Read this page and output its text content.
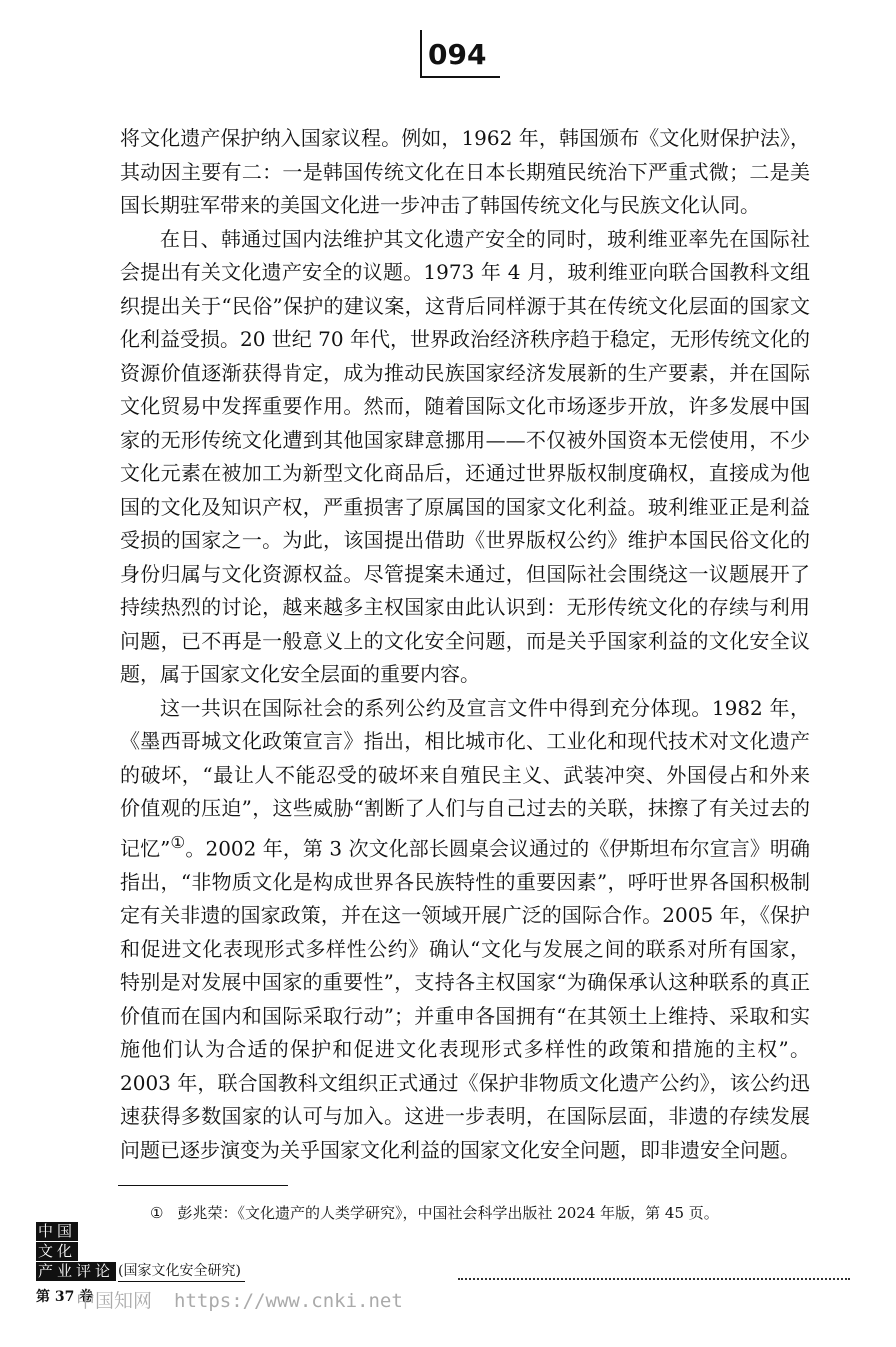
094

将文化遗产保护纳入国家议程。例如，1962 年，韩国颁布《文化财保护法》，其动因主要有二：一是韩国传统文化在日本长期殖民统治下严重式微；二是美国长期驻军带来的美国文化进一步冲击了韩国传统文化与民族文化认同。

在日、韩通过国内法维护其文化遗产安全的同时，玻利维亚率先在国际社会提出有关文化遗产安全的议题。1973 年 4 月，玻利维亚向联合国教科文组织提出关于“民俗”保护的建议案，这背后同样源于其在传统文化层面的国家文化利益受损。20 世纪 70 年代，世界政治经济秩序趋于稳定，无形传统文化的资源价值逐渐获得肯定，成为推动民族国家经济发展新的生产要素，并在国际文化贸易中发挥重要作用。然而，随着国际文化市场逐步开放，许多发展中国家的无形传统文化遭到其他国家肆意挪用——不仅被外国资本无偿使用，不少文化元素在被加工为新型文化商品后，还通过世界版权制度确权，直接成为他国的文化及知识产权，严重损害了原属国的国家文化利益。玻利维亚正是利益受损的国家之一。为此，该国提出借助《世界版权公约》维护本国民俗文化的身份归属与文化资源权益。尽管提案未通过，但国际社会围绕这一议题展开了持续热烈的讨论，越来越多主权国家由此认识到：无形传统文化的存续与利用问题，已不再是一般意义上的文化安全问题，而是关乎国家利益的文化安全议题，属于国家文化安全层面的重要内容。

这一共识在国际社会的系列公约及宣言文件中得到充分体现。1982 年，《墨西哥城文化政策宣言》指出，相比城市化、工业化和现代技术对文化遗产的破坏，“最让人不能忍受的破坏来自殖民主义、武装冲突、外国侵占和外来价值观的压迫”，这些威胁“割断了人们与自己过去的关联，抹擦了有关过去的记忆”①。2002 年，第 3 次文化部长圆桌会议通过的《伊斯坦布尔宣言》明确指出，“非物质文化是构成世界各民族特性的重要因素”，呼吁世界各国积极制定有关非遗的国家政策，并在这一领域开展广泛的国际合作。2005 年，《保护和促进文化表现形式多样性公约》确认“文化与发展之间的联系对所有国家，特别是对发展中国家的重要性”，支持各主权国家“为确保承认这种联系的真正价值而在国内和国际采取行动”；并重申各国拥有“在其领土上维持、采取和实施他们认为合适的保护和促进文化表现形式多样性的政策和措施的主权”。2003 年，联合国教科文组织正式通过《保护非物质文化遗产公约》，该公约迅速获得多数国家的认可与加入。这进一步表明，在国际层面，非遗的存续发展问题已逐步演变为关乎国家文化利益的国家文化安全问题，即非遗安全问题。

① 彭兆荣：《文化遗产的人类学研究》，中国社会科学出版社 2024 年版，第 45 页。
中国
文化
产业评论 (国家文化安全研究)
第 37 卷
中国知网 https://www.cnki.net
